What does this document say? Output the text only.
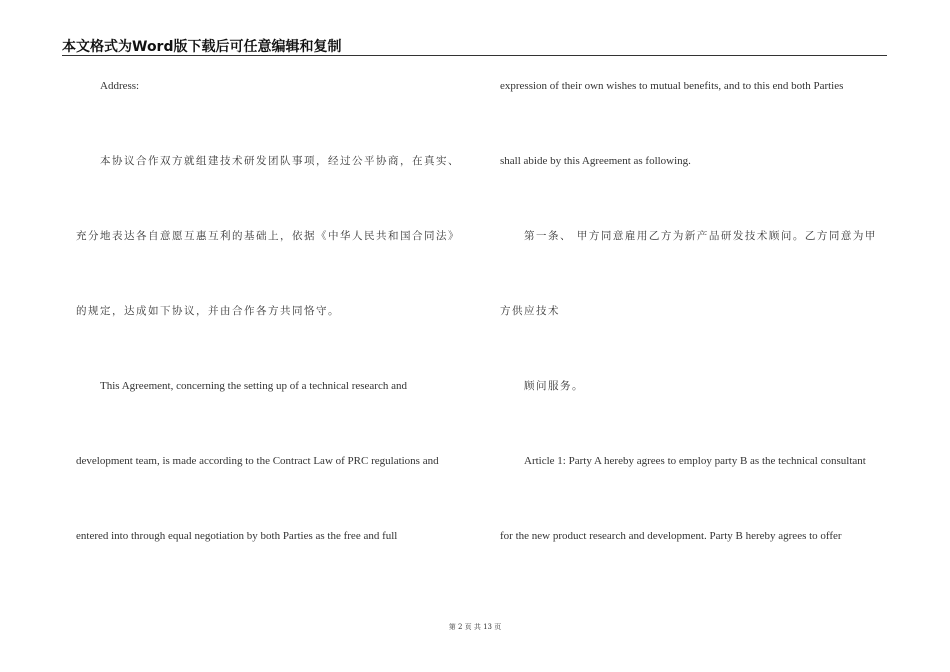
本文格式为Word版下载后可任意编辑和复制
Address:
本协议合作双方就组建技术研发团队事项，经过公平协商，在真实、
充分地表达各自意愿互惠互利的基础上，依据《中华人民共和国合同法》
的规定，达成如下协议，并由合作各方共同恪守。
This Agreement, concerning the setting up of a technical research and
development team, is made according to the Contract Law of PRC regulations and
entered into through equal negotiation by both Parties as the free and full
expression of their own wishes to mutual benefits, and to this end both Parties
shall abide by this Agreement as following.
第一条、 甲方同意雇用乙方为新产品研发技术顾问。乙方同意为甲
方供应技术
顾问服务。
Article 1: Party A hereby agrees to employ party B as the technical consultant
for the new product research and development. Party B hereby agrees to offer
第 2 页 共 13 页
